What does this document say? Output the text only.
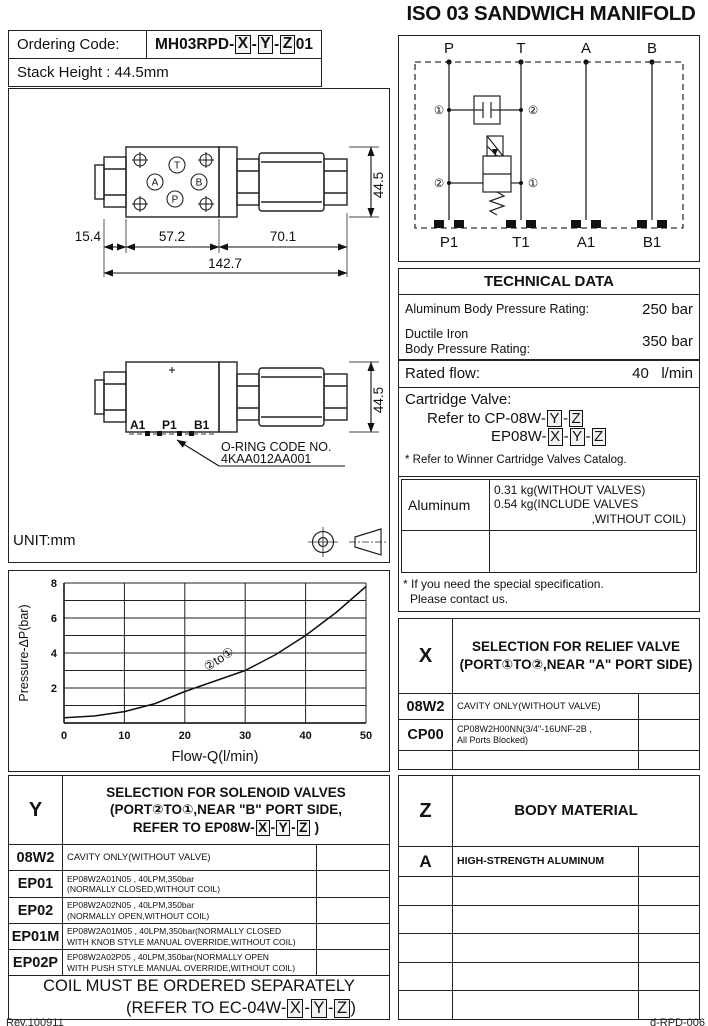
ISO 03 SANDWICH MANIFOLD
Ordering Code:	MH03RPD- X - Y - Z 01
Stack Height : 44.5mm
T
A	B
P
15.4	57.2	70.1
142.7
44.5
A1 P1 B1
O-RING CODE NO.
4KAA012AA001
44.5
UNIT:mm
0	10	20	30	40	50
2
4
6
8
Flow-Q(l/min)
Pressure-ΔP(bar)	②to①
Y
SELECTION FOR SOLENOID VALVES
(PORT②TO①,NEAR "B" PORT SIDE,
REFER TO EP08W- X - Y - Z )
08W2	CAVITY ONLY(WITHOUT VALVE)
EP01	EP08W2A01N05 , 40LPM,350bar
(NORMALLY CLOSED,WITHOUT COIL)
EP02	EP08W2A02N05 , 40LPM,350bar
(NORMALLY OPEN,WITHOUT COIL)
EP01M EP08W2A01M05 , 40LPM,350bar(NORMALLY CLOSED
WITH KNOB STYLE MANUAL OVERRIDE,WITHOUT COIL)
EP02P	EP08W2A02P05 , 40LPM,350bar(NORMALLY OPEN
WITH PUSH STYLE MANUAL OVERRIDE,WITHOUT COIL)
COIL MUST BE ORDERED SEPARATELY
(REFER TO EC-04W- X - Y - Z )
P	T	A	B
①	②
②	①
P1	T1	A1	B1
TECHNICAL DATA
Aluminum Body Pressure Rating:	250 bar
Ductile Iron
Body Pressure Rating:	350 bar
Rated flow:	40 l/min
Cartridge Valve:
Refer to CP-08W- Y - Z
EP08W- X - Y - Z
* Refer to Winner Cartridge Valves Catalog.
Aluminum
0.31 kg(WITHOUT VALVES)
0.54 kg(INCLUDE VALVES
,WITHOUT COIL)
* If you need the special specification.
Please contact us.
X	SELECTION FOR RELIEF VALVE
(PORT①TO②,NEAR "A" PORT SIDE)
08W2	CAVITY ONLY(WITHOUT VALVE)
CP00	CP08W2H00NN(3/4"-16UNF-2B ,
All Ports Blocked)
Z	BODY MATERIAL
A	HIGH-STRENGTH ALUMINUM
Rev.100911	d-RPD-006
